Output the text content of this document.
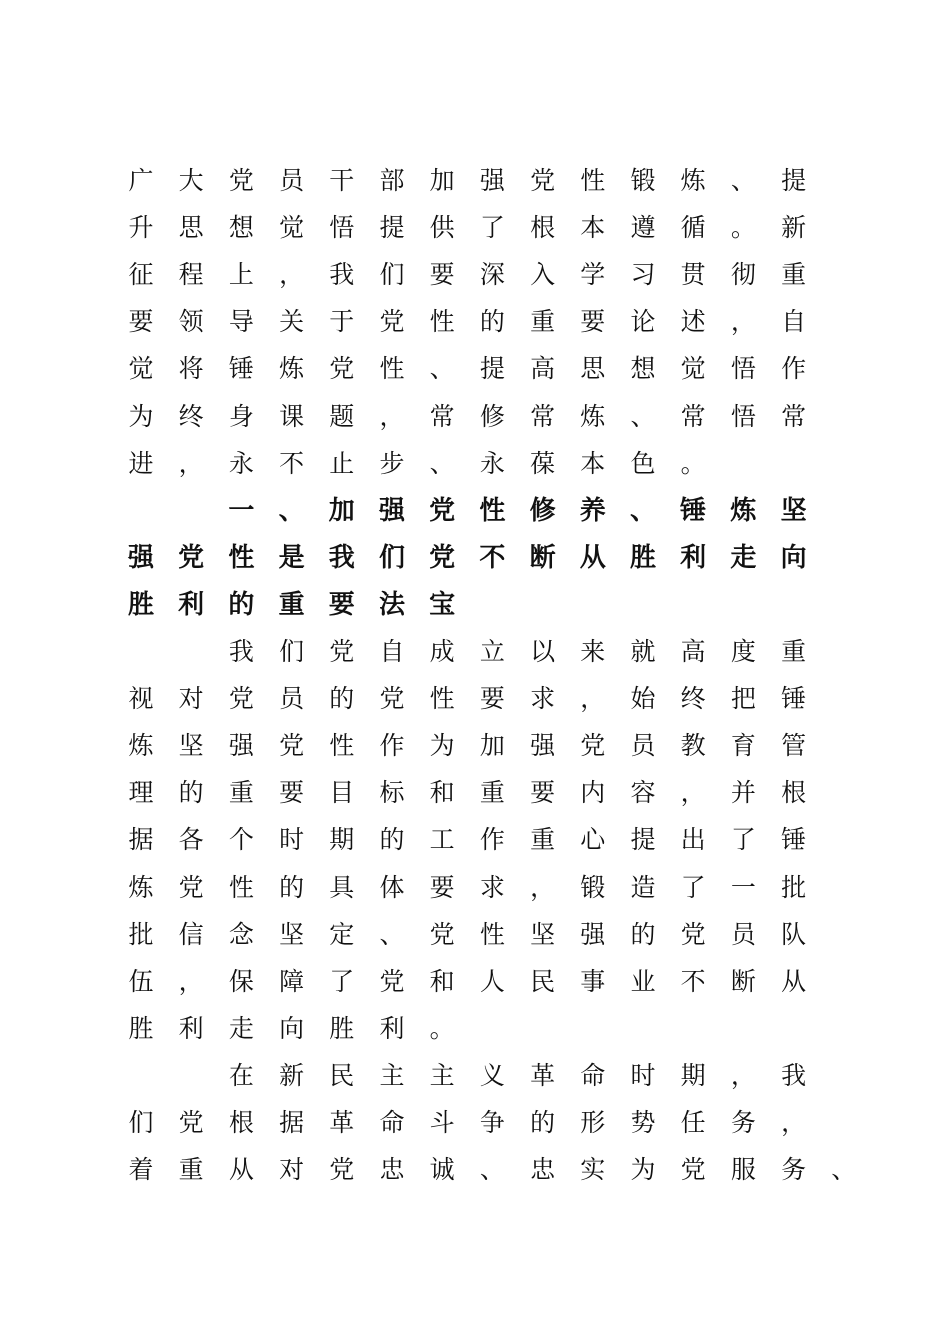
广 大 党 员 干 部 加 强 党 性 锻 炼 、 提
升 思 想 觉 悟 提 供 了 根 本 遵 循 。 新
征 程 上 ， 我 们 要 深 入 学 习 贯 彻 重
要 领 导 关 于 党 性 的 重 要 论 述 ， 自
觉 将 锤 炼 党 性 、 提 高 思 想 觉 悟 作
为 终 身 课 题 ， 常 修 常 炼 、 常 悟 常
进 ， 永 不 止 步 、 永 葆 本 色 。
一 、 加 强 党 性 修 养 、 锤 炼 坚
强 党 性 是 我 们 党 不 断 从 胜 利 走 向
胜 利 的 重 要 法 宝
我 们 党 自 成 立 以 来 就 高 度 重
视 对 党 员 的 党 性 要 求 ， 始 终 把 锤
炼 坚 强 党 性 作 为 加 强 党 员 教 育 管
理 的 重 要 目 标 和 重 要 内 容 ， 并 根
据 各 个 时 期 的 工 作 重 心 提 出 了 锤
炼 党 性 的 具 体 要 求 ， 锻 造 了 一 批
批 信 念 坚 定 、 党 性 坚 强 的 党 员 队
伍 ， 保 障 了 党 和 人 民 事 业 不 断 从
胜 利 走 向 胜 利 。
在 新 民 主 主 义 革 命 时 期 ， 我
们 党 根 据 革 命 斗 争 的 形 势 任 务 ，
着 重 从 对 党 忠 诚 、 忠 实 为 党 服 务 、
